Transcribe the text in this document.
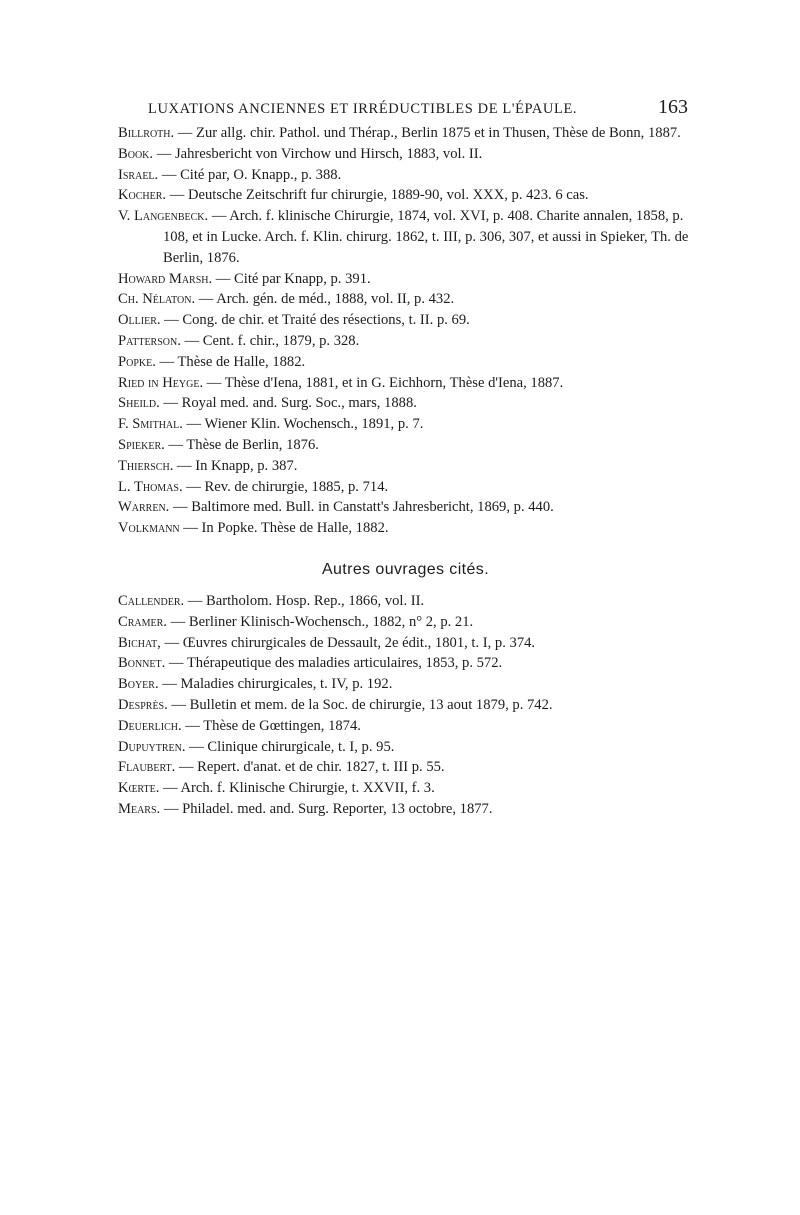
LUXATIONS ANCIENNES ET IRRÉDUCTIBLES DE L'ÉPAULE.	163
Billroth. — Zur allg. chir. Pathol. und Thérap., Berlin 1875 et in Thusen, Thèse de Bonn, 1887.
Book. — Jahresbericht von Virchow und Hirsch, 1883, vol. II.
Israel. — Cité par, O. Knapp., p. 388.
Kocher. — Deutsche Zeitschrift fur chirurgie, 1889-90, vol. XXX, p. 423. 6 cas.
V. Langenbeck. — Arch. f. klinische Chirurgie, 1874, vol. XVI, p. 408. Charite annalen, 1858, p. 108, et in Lucke. Arch. f. Klin. chirurg. 1862, t. III, p. 306, 307, et aussi in Spieker, Th. de Berlin, 1876.
Howard Marsh. — Cité par Knapp, p. 391.
Ch. Nélaton. — Arch. gén. de méd., 1888, vol. II, p. 432.
Ollier. — Cong. de chir. et Traité des résections, t. II. p. 69.
Patterson. — Cent. f. chir., 1879, p. 328.
Popke. — Thèse de Halle, 1882.
Ried in Heyge. — Thèse d'Iena, 1881, et in G. Eichhorn, Thèse d'Iena, 1887.
Sheild. — Royal med. and. Surg. Soc., mars, 1888.
F. Smithal. — Wiener Klin. Wochensch., 1891, p. 7.
Spieker. — Thèse de Berlin, 1876.
Thiersch. — In Knapp, p. 387.
L. Thomas. — Rev. de chirurgie, 1885, p. 714.
Warren. — Baltimore med. Bull. in Canstatt's Jahresbericht, 1869, p. 440.
Volkmann — In Popke. Thèse de Halle, 1882.
Autres ouvrages cités.
Callender. — Bartholom. Hosp. Rep., 1866, vol. II.
Cramer. — Berliner Klinisch-Wochensch., 1882, n° 2, p. 21.
Bichat, — Œuvres chirurgicales de Dessault, 2e édit., 1801, t. I, p. 374.
Bonnet. — Thérapeutique des maladies articulaires, 1853, p. 572.
Boyer. — Maladies chirurgicales, t. IV, p. 192.
Desprès. — Bulletin et mem. de la Soc. de chirurgie, 13 aout 1879, p. 742.
Deuerlich. — Thèse de Gœttingen, 1874.
Dupuytren. — Clinique chirurgicale, t. I, p. 95.
Flaubert. — Repert. d'anat. et de chir. 1827, t. III p. 55.
Kœrte. — Arch. f. Klinische Chirurgie, t. XXVII, f. 3.
Mears. — Philadel. med. and. Surg. Reporter, 13 octobre, 1877.
